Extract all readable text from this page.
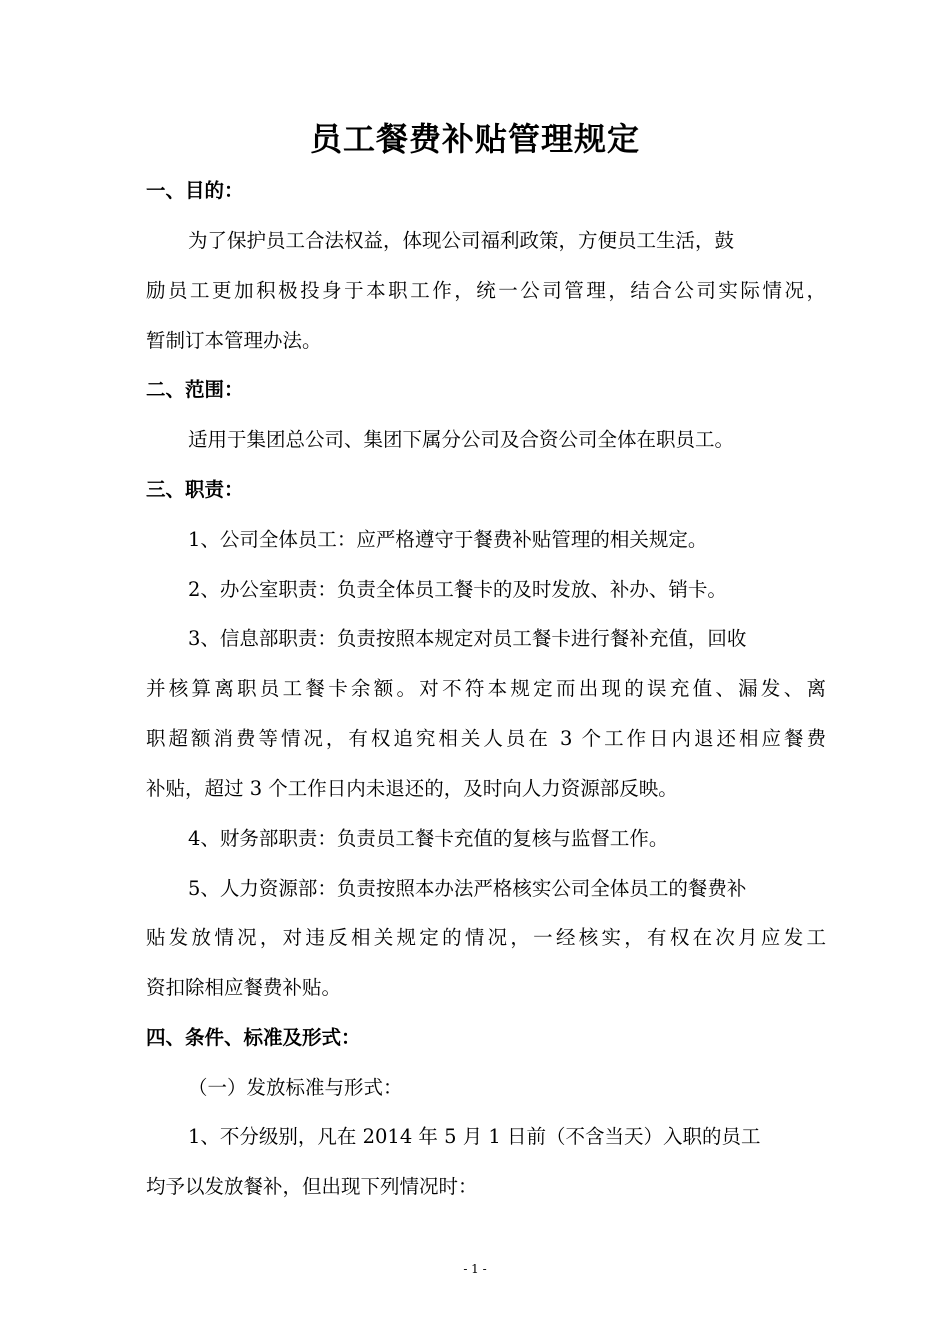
员工餐费补贴管理规定
一、目的：
为了保护员工合法权益，体现公司福利政策，方便员工生活，鼓
励员工更加积极投身于本职工作，统一公司管理，结合公司实际情况，
暂制订本管理办法。
二、范围：
适用于集团总公司、集团下属分公司及合资公司全体在职员工。
三、职责：
1、公司全体员工：应严格遵守于餐费补贴管理的相关规定。
2、办公室职责：负责全体员工餐卡的及时发放、补办、销卡。
3、信息部职责：负责按照本规定对员工餐卡进行餐补充值，回收
并核算离职员工餐卡余额。对不符本规定而出现的误充值、漏发、离
职超额消费等情况，有权追究相关人员在 3 个工作日内退还相应餐费
补贴，超过 3 个工作日内未退还的，及时向人力资源部反映。
4、财务部职责：负责员工餐卡充值的复核与监督工作。
5、人力资源部：负责按照本办法严格核实公司全体员工的餐费补
贴发放情况，对违反相关规定的情况，一经核实，有权在次月应发工
资扣除相应餐费补贴。
四、条件、标准及形式：
（一）发放标准与形式：
1、不分级别，凡在 2014 年 5 月 1 日前（不含当天）入职的员工
均予以发放餐补，但出现下列情况时：
- 1 -
